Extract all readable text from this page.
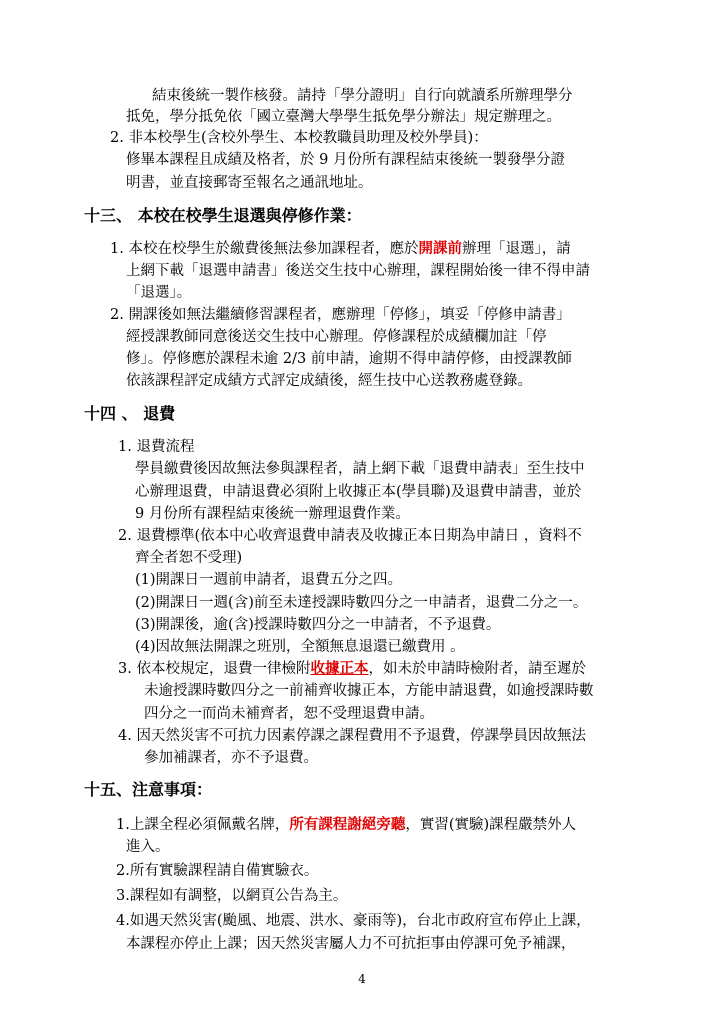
結束後統一製作核發。請持「學分證明」自行向就讀系所辦理學分
抵免，學分抵免依「國立臺灣大學學生抵免學分辦法」規定辦理之。
2. 非本校學生(含校外學生、本校教職員助理及校外學員)：
修畢本課程且成績及格者，於 9 月份所有課程結束後統一製發學分證
明書，並直接郵寄至報名之通訊地址。
十三、 本校在校學生退選與停修作業：
1. 本校在校學生於繳費後無法參加課程者，應於開課前辦理「退選」，請
上網下載「退選申請書」後送交生技中心辦理，課程開始後一律不得申請
「退選」。
2. 開課後如無法繼續修習課程者，應辦理「停修」，填妥「停修申請書」
經授課教師同意後送交生技中心辦理。停修課程於成績欄加註「停
修」。停修應於課程未逾 2/3 前申請，逾期不得申請停修，由授課教師
依該課程評定成績方式評定成績後，經生技中心送教務處登錄。
十四 、 退費
1. 退費流程
學員繳費後因故無法參與課程者，請上網下載「退費申請表」至生技中
心辦理退費，申請退費必須附上收據正本(學員聯)及退費申請書，並於
9 月份所有課程結束後統一辦理退費作業。
2. 退費標準(依本中心收齊退費申請表及收據正本日期為申請日 ，資料不
齊全者恕不受理)
(1)開課日一週前申請者，退費五分之四。
(2)開課日一週(含)前至未達授課時數四分之一申請者，退費二分之一。
(3)開課後，逾(含)授課時數四分之一申請者，不予退費。
(4)因故無法開課之班別，全額無息退還已繳費用 。
3. 依本校規定，退費一律檢附收據正本，如未於申請時檢附者，請至遲於
未逾授課時數四分之一前補齊收據正本，方能申請退費，如逾授課時數
四分之一而尚未補齊者，恕不受理退費申請。
4. 因天然災害不可抗力因素停課之課程費用不予退費，停課學員因故無法
參加補課者，亦不予退費。
十五、注意事項：
1.上課全程必須佩戴名牌，所有課程謝絕旁聽，實習(實驗)課程嚴禁外人
進入。
2.所有實驗課程請自備實驗衣。
3.課程如有調整，以網頁公告為主。
4.如遇天然災害(颱風、地震、洪水、豪雨等)，台北市政府宣布停止上課，
本課程亦停止上課；因天然災害屬人力不可抗拒事由停課可免予補課，
4
